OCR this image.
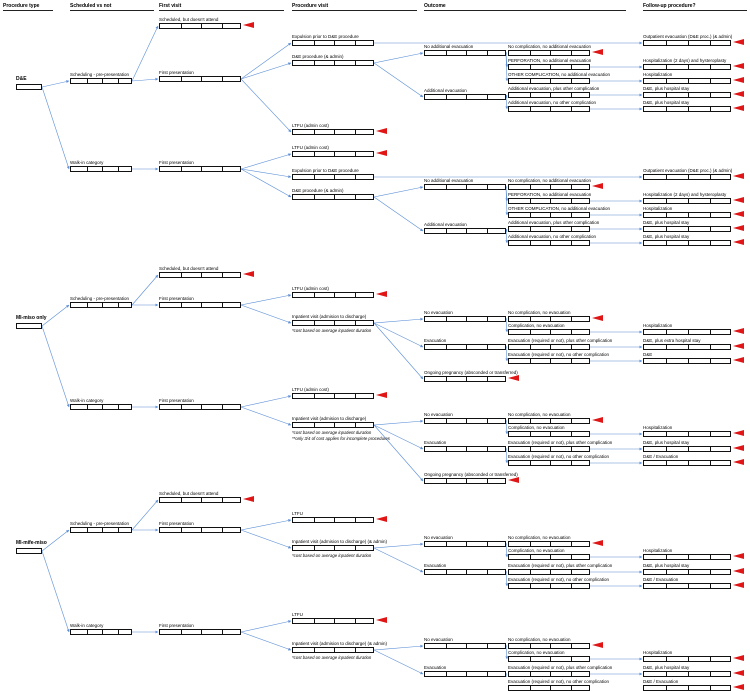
Procedure type	Scheduled vs not	First visit	Procedure visit	Outcome	Follow-up procedure?
D&E
Scheduling - pre-presentation
Scheduled, but doesn't attend
First presentation
Expulsion prior to D&E procedure	Outpatient evacuation (D&E proc.) (& admin)
D&E procedure (& admin)
No additional evacuation
Additional evacuation
No complication, no additional evacuation
PERFORATION, no additional evacuation	Hospitalization (2 days) and hysteroplasty
OTHER COMPLICATION, no additional evacuation	Hospitalization
Additional evacuation, plus other complication	D&E, plus hospital stay
Additional evacuation, no other complication	D&E, plus hospital stay
LTFU (admin cost)
Walk-in category	First presentation
LTFU (admin cost)
Expulsion prior to D&E procedure	Outpatient evacuation (D&E proc.) (& admin)
D&E procedure (& admin)
No additional evacuation
Additional evacuation
No complication, no additional evacuation
PERFORATION, no additional evacuation	Hospitalization (2 days) and hysteroplasty
OTHER COMPLICATION, no additional evacuation	Hospitalization
Additional evacuation, plus other complication	D&E, plus hospital stay
Additional evacuation, no other complication	D&E, plus hospital stay
MI-miso only
Scheduling - pre-presentation
Scheduled, but doesn't attend
First presentation
Walk-in category	First presentation
LTFU (admin cost)
Inpatient visit (admision to discharge)
*cost based on average inpatient duration
No evacuation	No complication, no evacuation
Complication, no evacuation	Hospitalization
Evacuation	Evacuation (required or not), plus other complication	D&E, plus extra hospital stay
Evacuation (required or not), no other complication	D&E
Ongoing pregnancy (absconded or transferred)
LTFU (admin cost)
Inpatient visit (admision to discharge)
*cost based on average inpatient duration
**only 3/4 of cost applies for incomplete procedures
No evacuation	No complication, no evacuation
Complication, no evacuation	Hospitalization
Evacuation	Evacuation (required or not), plus other complication	D&E, plus hospital stay
Evacuation (required or not), no other complication	D&E / Evacuation
Ongoing pregnancy (absconded or transferred)
MI-mife-miso
Scheduling - pre-presentation
Scheduled, but doesn't attend
First presentation
Walk-in category	First presentation
LTFU
Inpatient visit (admision to discharge) (& admin)
*cost based on average inpatient duration
No evacuation	No complication, no evacuation
Complication, no evacuation	Hospitalization
Evacuation	Evacuation (required or not), plus other complication	D&E, plus hospital stay
Evacuation (required or not), no other complication	D&E / Evacuation
LTFU
Inpatient visit (admision to discharge) (& admin)
*cost based on average inpatient duration
No evacuation	No complication, no evacuation
Complication, no evacuation	Hospitalization
Evacuation	Evacuation (required or not), plus other complication	D&E, plus hospital stay
Evacuation (required or not), no other complication	D&E / Evacuation
